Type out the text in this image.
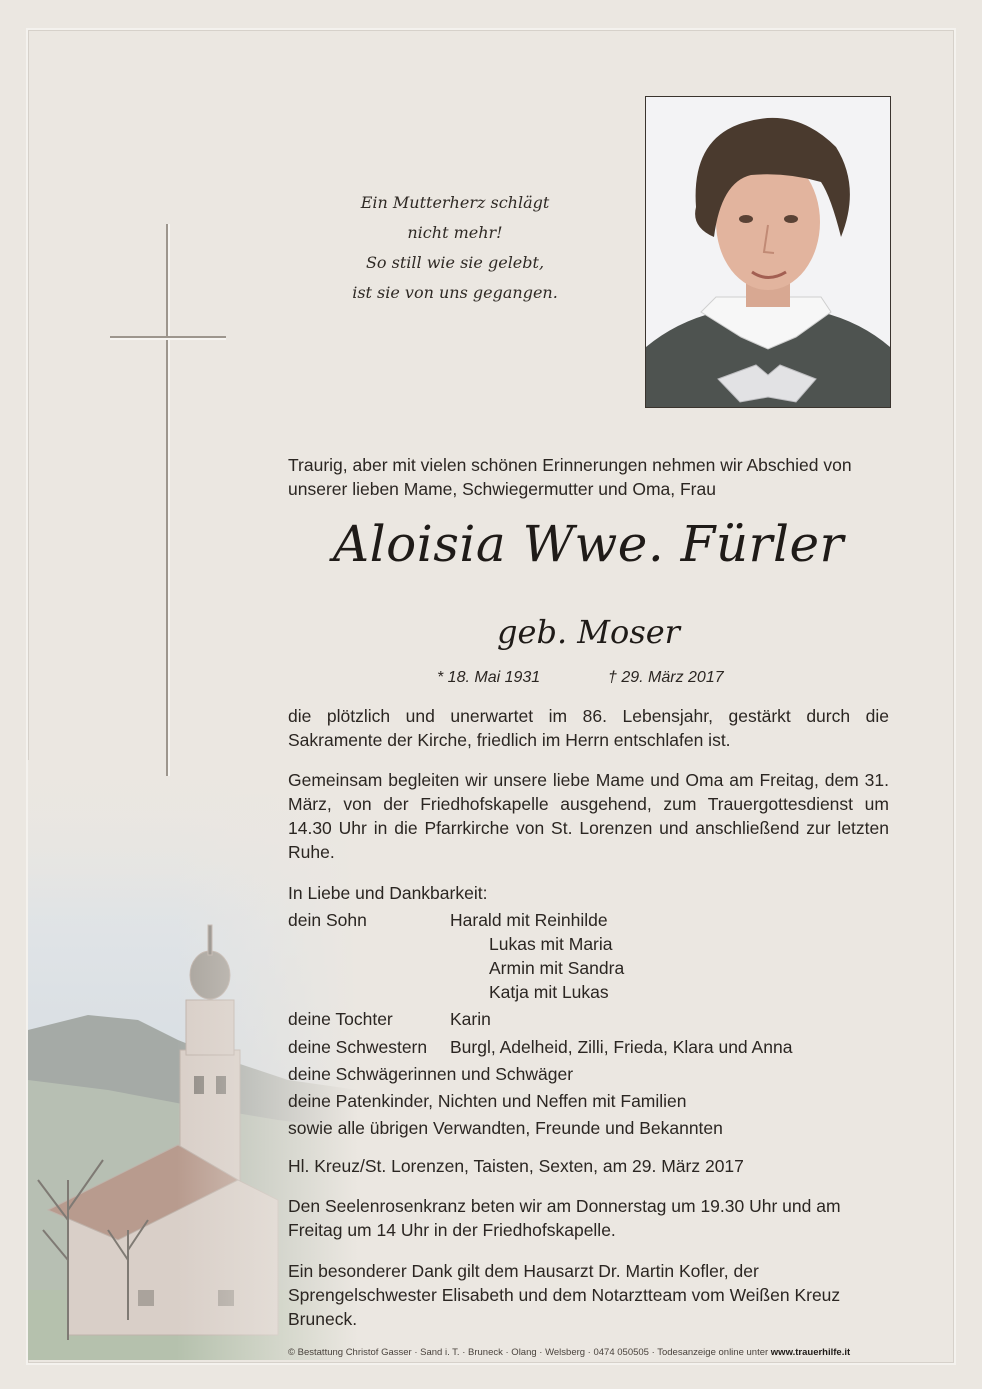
Ein Mutterherz schlägt
nicht mehr!
So still wie sie gelebt,
ist sie von uns gegangen.
Traurig, aber mit vielen schönen Erinnerungen nehmen wir Abschied von unserer lieben Mame, Schwiegermutter und Oma, Frau
Aloisia Wwe. Fürler
geb. Moser
* 18. Mai 1931	† 29. März 2017
die plötzlich und unerwartet im 86. Lebensjahr, gestärkt durch die Sakramente der Kirche, friedlich im Herrn entschlafen ist.
Gemeinsam begleiten wir unsere liebe Mame und Oma am Freitag, dem 31. März, von der Friedhofskapelle ausgehend, zum Trauergottesdienst um 14.30 Uhr in die Pfarrkirche von St. Lorenzen und anschließend zur letzten Ruhe.
In Liebe und Dankbarkeit:
dein Sohn	Harald mit Reinhilde
Lukas mit Maria
Armin mit Sandra
Katja mit Lukas
deine Tochter	Karin
deine Schwestern Burgl, Adelheid, Zilli, Frieda, Klara und Anna
deine Schwägerinnen und Schwäger
deine Patenkinder, Nichten und Neffen mit Familien
sowie alle übrigen Verwandten, Freunde und Bekannten
Hl. Kreuz/St. Lorenzen, Taisten, Sexten, am 29. März 2017
Den Seelenrosenkranz beten wir am Donnerstag um 19.30 Uhr und am Freitag um 14 Uhr in der Friedhofskapelle.
Ein besonderer Dank gilt dem Hausarzt Dr. Martin Kofler, der Sprengelschwester Elisabeth und dem Notarztteam vom Weißen Kreuz Bruneck.
© Bestattung Christof Gasser · Sand i. T. · Bruneck · Olang · Welsberg · 0474 050505 · Todesanzeige online unter www.trauerhilfe.it
